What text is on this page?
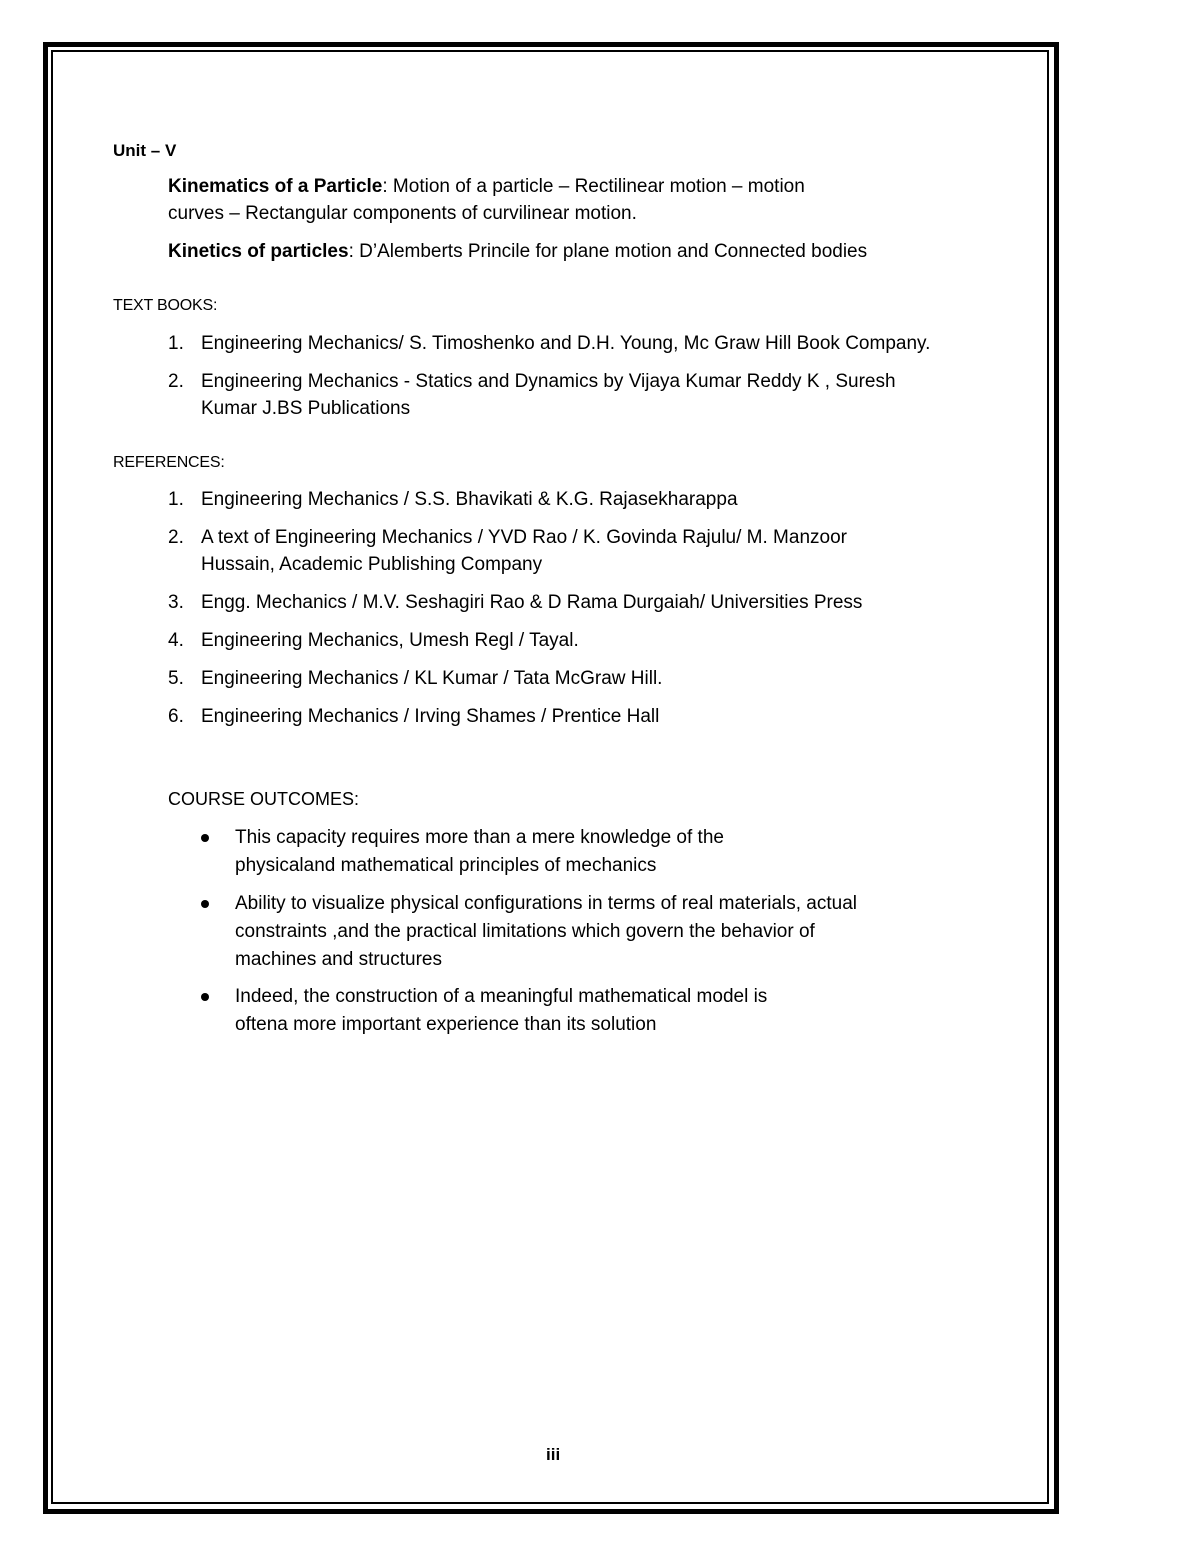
Unit – V
Kinematics of a Particle: Motion of a particle – Rectilinear motion – motion
curves – Rectangular components of curvilinear motion.
Kinetics of particles: D’Alemberts Princile for plane motion and Connected bodies
TEXT BOOKS:
1. Engineering Mechanics/ S. Timoshenko and D.H. Young, Mc Graw Hill Book Company.
2. Engineering Mechanics - Statics and Dynamics by Vijaya Kumar Reddy K , Suresh
Kumar J.BS Publications
REFERENCES:
1. Engineering Mechanics / S.S. Bhavikati & K.G. Rajasekharappa
2. A text of Engineering Mechanics / YVD Rao / K. Govinda Rajulu/ M. Manzoor
Hussain, Academic Publishing Company
3. Engg. Mechanics / M.V. Seshagiri Rao & D Rama Durgaiah/ Universities Press
4. Engineering Mechanics, Umesh Regl / Tayal.
5. Engineering Mechanics / KL Kumar / Tata McGraw Hill.
6. Engineering Mechanics / Irving Shames / Prentice Hall
COURSE OUTCOMES:
This capacity requires more than a mere knowledge of the
physicaland mathematical principles of mechanics
Ability to visualize physical configurations in terms of real materials, actual
constraints ,and the practical limitations which govern the behavior of
machines and structures
Indeed, the construction of a meaningful mathematical model is
oftena more important experience than its solution
iii
